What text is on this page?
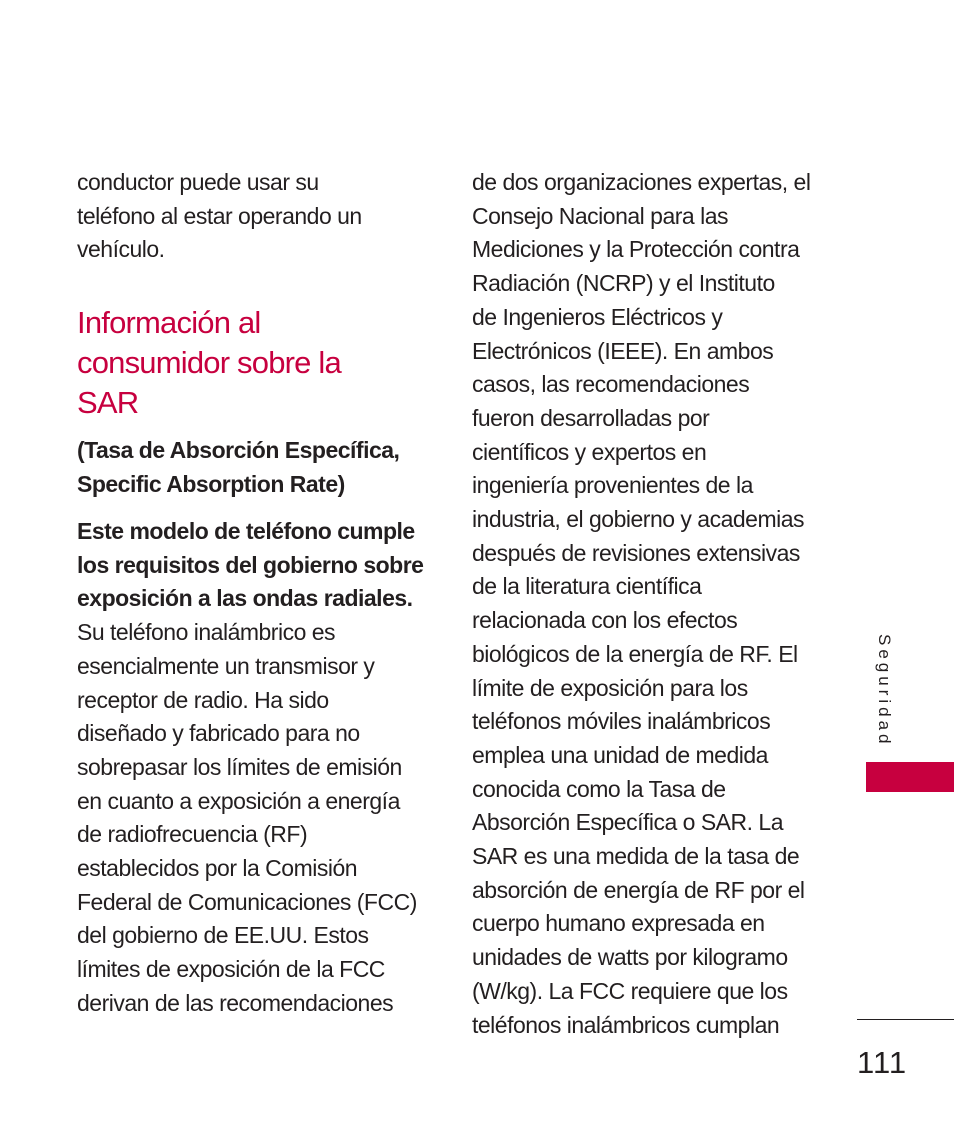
conductor puede usar su
teléfono al estar operando un
vehículo.

Información al
consumidor sobre la
SAR

(Tasa de Absorción Específica,
Specific Absorption Rate)

Este modelo de teléfono cumple
los requisitos del gobierno sobre
exposición a las ondas radiales.

Su teléfono inalámbrico es
esencialmente un transmisor y
receptor de radio. Ha sido
diseñado y fabricado para no
sobrepasar los límites de emisión
en cuanto a exposición a energía
de radiofrecuencia (RF)
establecidos por la Comisión
Federal de Comunicaciones (FCC)
del gobierno de EE.UU. Estos
límites de exposición de la FCC
derivan de las recomendaciones

de dos organizaciones expertas, el
Consejo Nacional para las
Mediciones y la Protección contra
Radiación (NCRP) y el Instituto
de Ingenieros Eléctricos y
Electrónicos (IEEE). En ambos
casos, las recomendaciones
fueron desarrolladas por
científicos y expertos en
ingeniería provenientes de la
industria, el gobierno y academias
después de revisiones extensivas
de la literatura científica
relacionada con los efectos
biológicos de la energía de RF. El
límite de exposición para los
teléfonos móviles inalámbricos
emplea una unidad de medida
conocida como la Tasa de
Absorción Específica o SAR. La
SAR es una medida de la tasa de
absorción de energía de RF por el
cuerpo humano expresada en
unidades de watts por kilogramo
(W/kg). La FCC requiere que los
teléfonos inalámbricos cumplan

Seguridad
111
